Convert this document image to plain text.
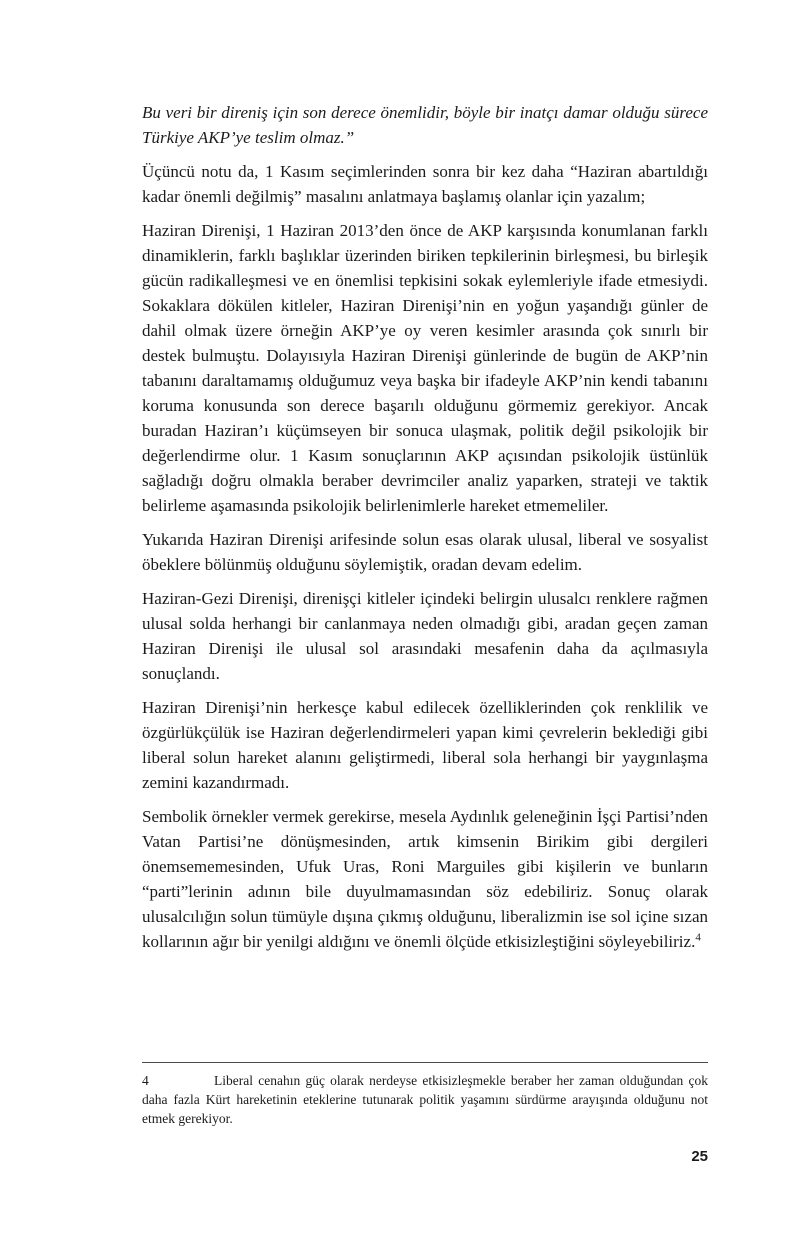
Bu veri bir direniş için son derece önemlidir, böyle bir inatçı damar olduğu sürece Türkiye AKP’ye teslim olmaz.”

Üçüncü notu da, 1 Kasım seçimlerinden sonra bir kez daha “Haziran abartıldığı kadar önemli değilmiş” masalını anlatmaya başlamış olanlar için yazalım;

Haziran Direnişi, 1 Haziran 2013’den önce de AKP karşısında konumlanan farklı dinamiklerin, farklı başlıklar üzerinden biriken tepkilerinin birleşmesi, bu birleşik gücün radikalleşmesi ve en önemlisi tepkisini sokak eylemleriyle ifade etmesiydi. Sokaklara dökülen kitleler, Haziran Direnişi’nin en yoğun yaşandığı günler de dahil olmak üzere örneğin AKP’ye oy veren kesimler arasında çok sınırlı bir destek bulmuştu. Dolayısıyla Haziran Direnişi günlerinde de bugün de AKP’nin tabanını daraltamamış olduğumuz veya başka bir ifadeyle AKP’nin kendi tabanını koruma konusunda son derece başarılı olduğunu görmemiz gerekiyor. Ancak buradan Haziran’ı küçümseyen bir sonuca ulaşmak, politik değil psikolojik bir değerlendirme olur. 1 Kasım sonuçlarının AKP açısından psikolojik üstünlük sağladığı doğru olmakla beraber devrimciler analiz yaparken, strateji ve taktik belirleme aşamasında psikolojik belirlenimlerle hareket etmemeliler.

Yukarıda Haziran Direnişi arifesinde solun esas olarak ulusal, liberal ve sosyalist öbeklere bölünmüş olduğunu söylemiştik, oradan devam edelim.

Haziran-Gezi Direnişi, direnişçi kitleler içindeki belirgin ulusalcı renklere rağmen ulusal solda herhangi bir canlanmaya neden olmadığı gibi, aradan geçen zaman Haziran Direnişi ile ulusal sol arasındaki mesafenin daha da açılmasıyla sonuçlandı.

Haziran Direnişi’nin herkesçe kabul edilecek özelliklerinden çok renklilik ve özgürlükçülük ise Haziran değerlendirmeleri yapan kimi çevrelerin beklediği gibi liberal solun hareket alanını geliştirmedi, liberal sola herhangi bir yaygınlaşma zemini kazandırmadı.

Sembolik örnekler vermek gerekirse, mesela Aydınlık geleneğinin İşçi Partisi’nden Vatan Partisi’ne dönüşmesinden, artık kimsenin Birikim gibi dergileri önemsememesinden, Ufuk Uras, Roni Marguiles gibi kişilerin ve bunların “parti”lerinin adının bile duyulmamasından söz edebiliriz. Sonuç olarak ulusalcılığın solun tümüyle dışına çıkmış olduğunu, liberalizmin ise sol içine sızan kollarının ağır bir yenilgi aldığını ve önemli ölçüde etkisizleştiğini söyleyebiliriz.$^4$

4	Liberal cenahın güç olarak nerdeyse etkisizleşmekle beraber her zaman olduğundan çok daha fazla Kürt hareketinin eteklerine tutunarak politik yaşamını sürdürme arayışında olduğunu not etmek gerekiyor.

25
